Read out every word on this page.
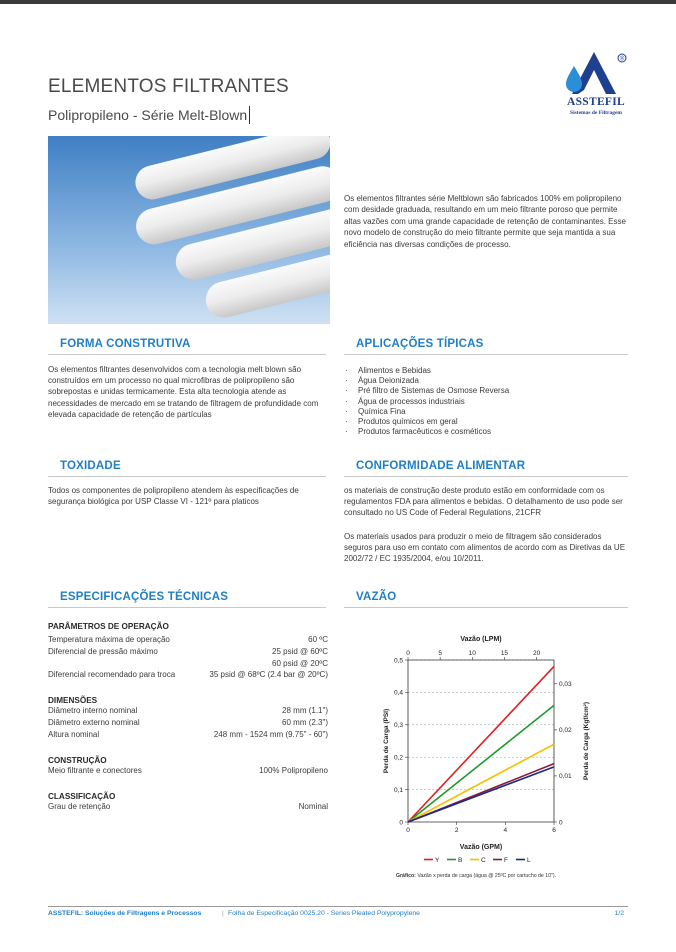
ELEMENTOS FILTRANTES
Polipropileno - Série Melt-Blown
®
ASSTEFIL
Sistemas de Filtragem
Os elementos filtrantes série Meltblown são fabricados 100% em polipropileno com desidade graduada, resultando em um meio filtrante poroso que permite altas vazões com uma grande capacidade de retenção de contaminantes. Esse novo modelo de construção do meio filtrante permite que seja mantida a sua eficiência nas diversas condições de processo.
FORMA CONSTRUTIVA
Os elementos filtrantes desenvolvidos com a tecnologia melt blown são construídos em um processo no qual microfibras de polipropileno são sobrepostas e unidas termicamente. Esta alta tecnologia atende as necessidades de mercado em se tratando de filtragem de profundidade com elevada capacidade de retenção de partículas
APLICAÇÕES TÍPICAS
· Alimentos e Bebidas
· Água Deionizada
· Pré filtro de Sistemas de Osmose Reversa
· Água de processos industriais
· Química Fina
· Produtos químicos em geral
· Produtos farmacêuticos e cosméticos
TOXIDADE
Todos os componentes de polipropileno atendem às especificações de segurança biológica por USP Classe VI - 121º para platicos
CONFORMIDADE ALIMENTAR
os materiais de construção deste produto estão em conformidade com os regulamentos FDA para alimentos e bebidas. O detalhamento de uso pode ser consultado no US Code of Federal Regulations, 21CFR
Os materiais usados para produzir o meio de filtragem são considerados seguros para uso em contato com alimentos de acordo com as Diretivas da UE 2002/72 / EC 1935/2004, e/ou 10/2011.
ESPECIFICAÇÕES TÉCNICAS
PARÂMETROS DE OPERAÇÃO
Temperatura máxima de operação	60 ºC
Diferencial de pressão máximo	25 psid @ 60ºC
60 psid @ 20ºC
Diferencial recomendado para troca	35 psid @ 68ºC (2.4 bar @ 20ºC)
DIMENSÕES
Diâmetro interno nominal	28 mm (1.1")
Diâmetro externo nominal	60 mm (2.3")
Altura nominal	248 mm - 1524 mm (9.75" - 60")
CONSTRUÇÃO
Meio filtrante e conectores	100% Polipropileno
CLASSIFICAÇÃO
Grau de retenção	Nominal
VAZÃO
0
0,1
0,2
0,3
0,4
0,5
0	2	4	6
0	5	10	15	20
0
0,01
0,02
0,03
Vazão (LPM)
Vazão (GPM)
Perda de Carga (PSI)	Perda de Carga (Kgf/cm²)
Y	B	C	F	L
Gráfico: Vazão x perda de carga (água @ 25ºC por cartucho de 10").
ASSTEFIL: Soluções de Filtragens e Processos	| Folha de Especificação 0025.20 - Series Pleated Polypropylene	1/2
